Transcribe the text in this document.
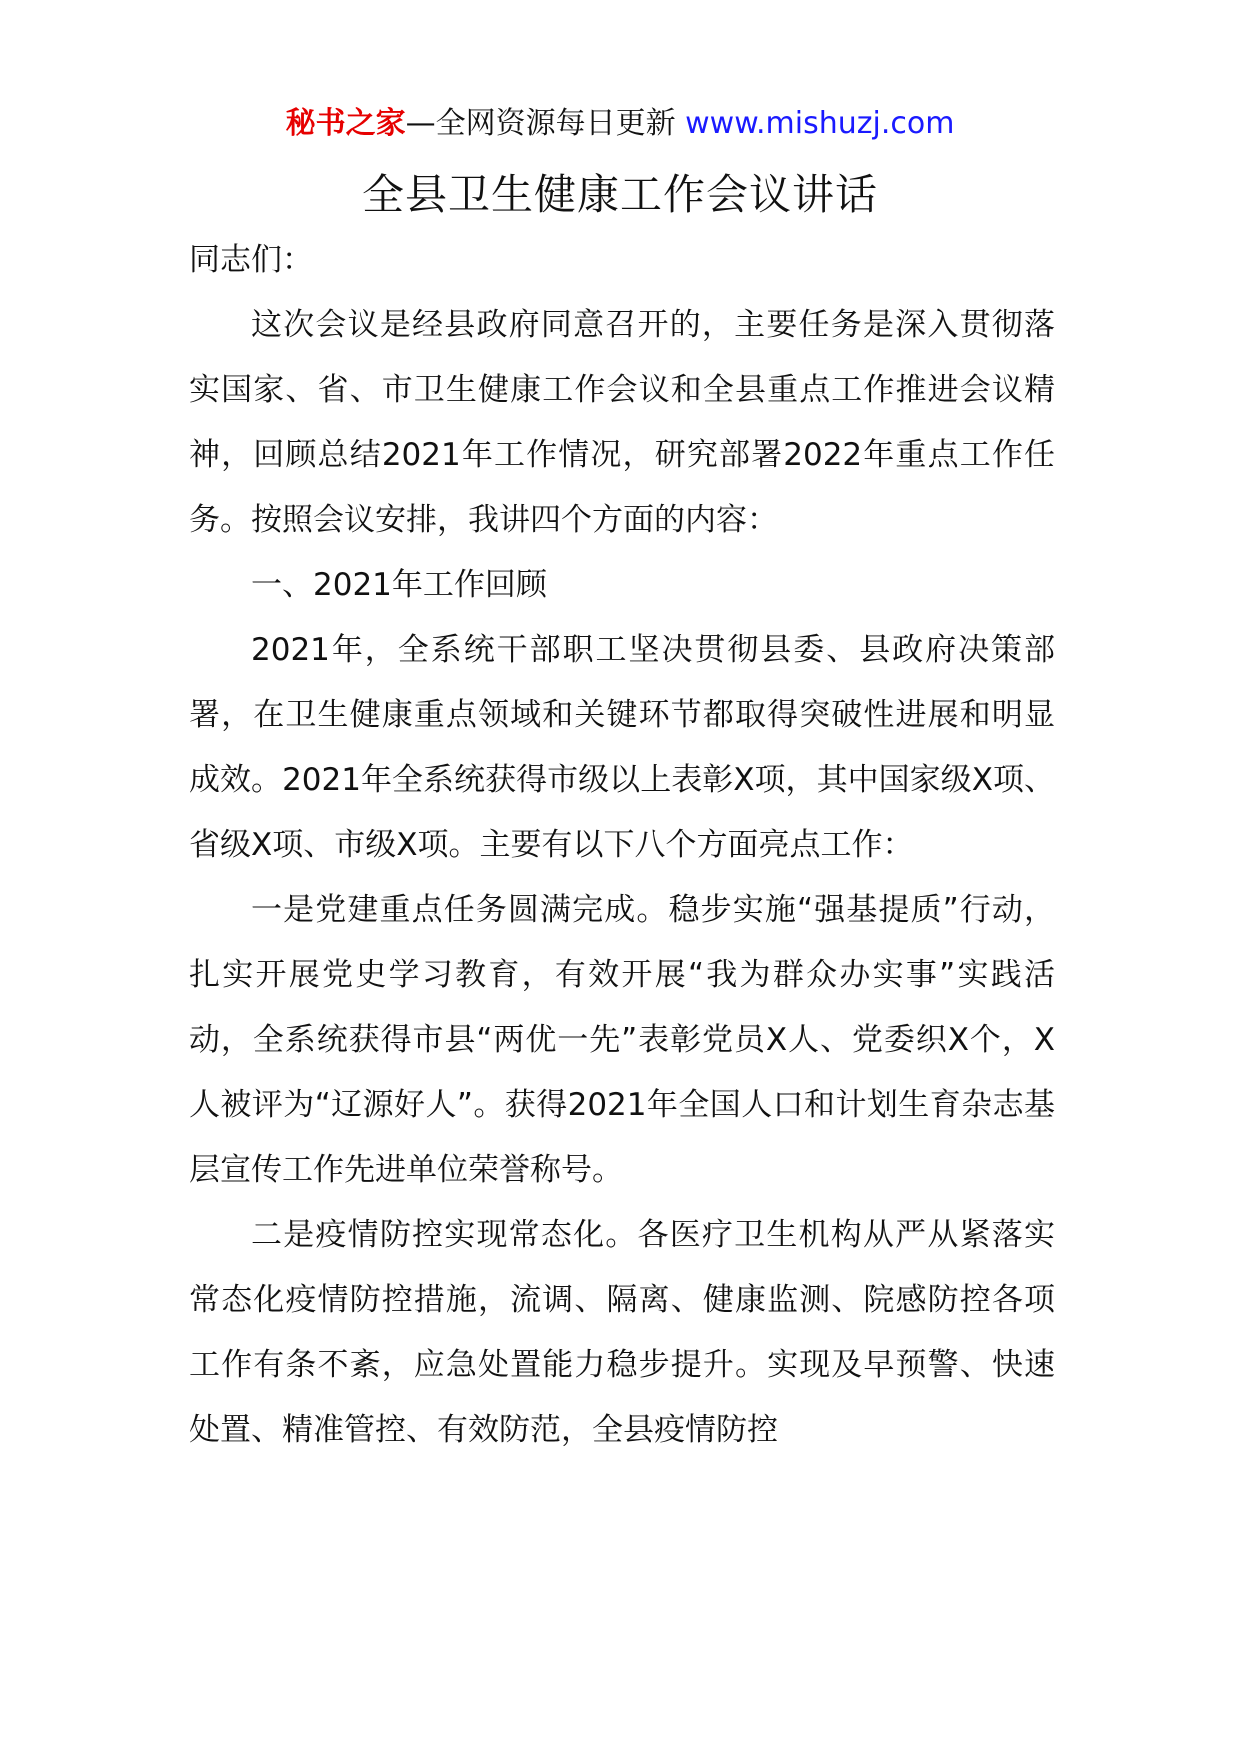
秘书之家—全网资源每日更新 www.mishuzj.com
全县卫生健康工作会议讲话

同志们：

这次会议是经县政府同意召开的，主要任务是深入贯彻落实国家、省、市卫生健康工作会议和全县重点工作推进会议精神，回顾总结2021年工作情况，研究部署2022年重点工作任务。按照会议安排，我讲四个方面的内容：

一、2021年工作回顾

2021年，全系统干部职工坚决贯彻县委、县政府决策部署，在卫生健康重点领域和关键环节都取得突破性进展和明显成效。2021年全系统获得市级以上表彰X项，其中国家级X项、省级X项、市级X项。主要有以下八个方面亮点工作：

一是党建重点任务圆满完成。稳步实施“强基提质”行动，扎实开展党史学习教育，有效开展“我为群众办实事”实践活动，全系统获得市县“两优一先”表彰党员X人、党委织X个，X人被评为“辽源好人”。获得2021年全国人口和计划生育杂志基层宣传工作先进单位荣誉称号。

二是疫情防控实现常态化。各医疗卫生机构从严从紧落实常态化疫情防控措施，流调、隔离、健康监测、院感防控各项工作有条不紊，应急处置能力稳步提升。实现及早预警、快速处置、精准管控、有效防范，全县疫情防控
